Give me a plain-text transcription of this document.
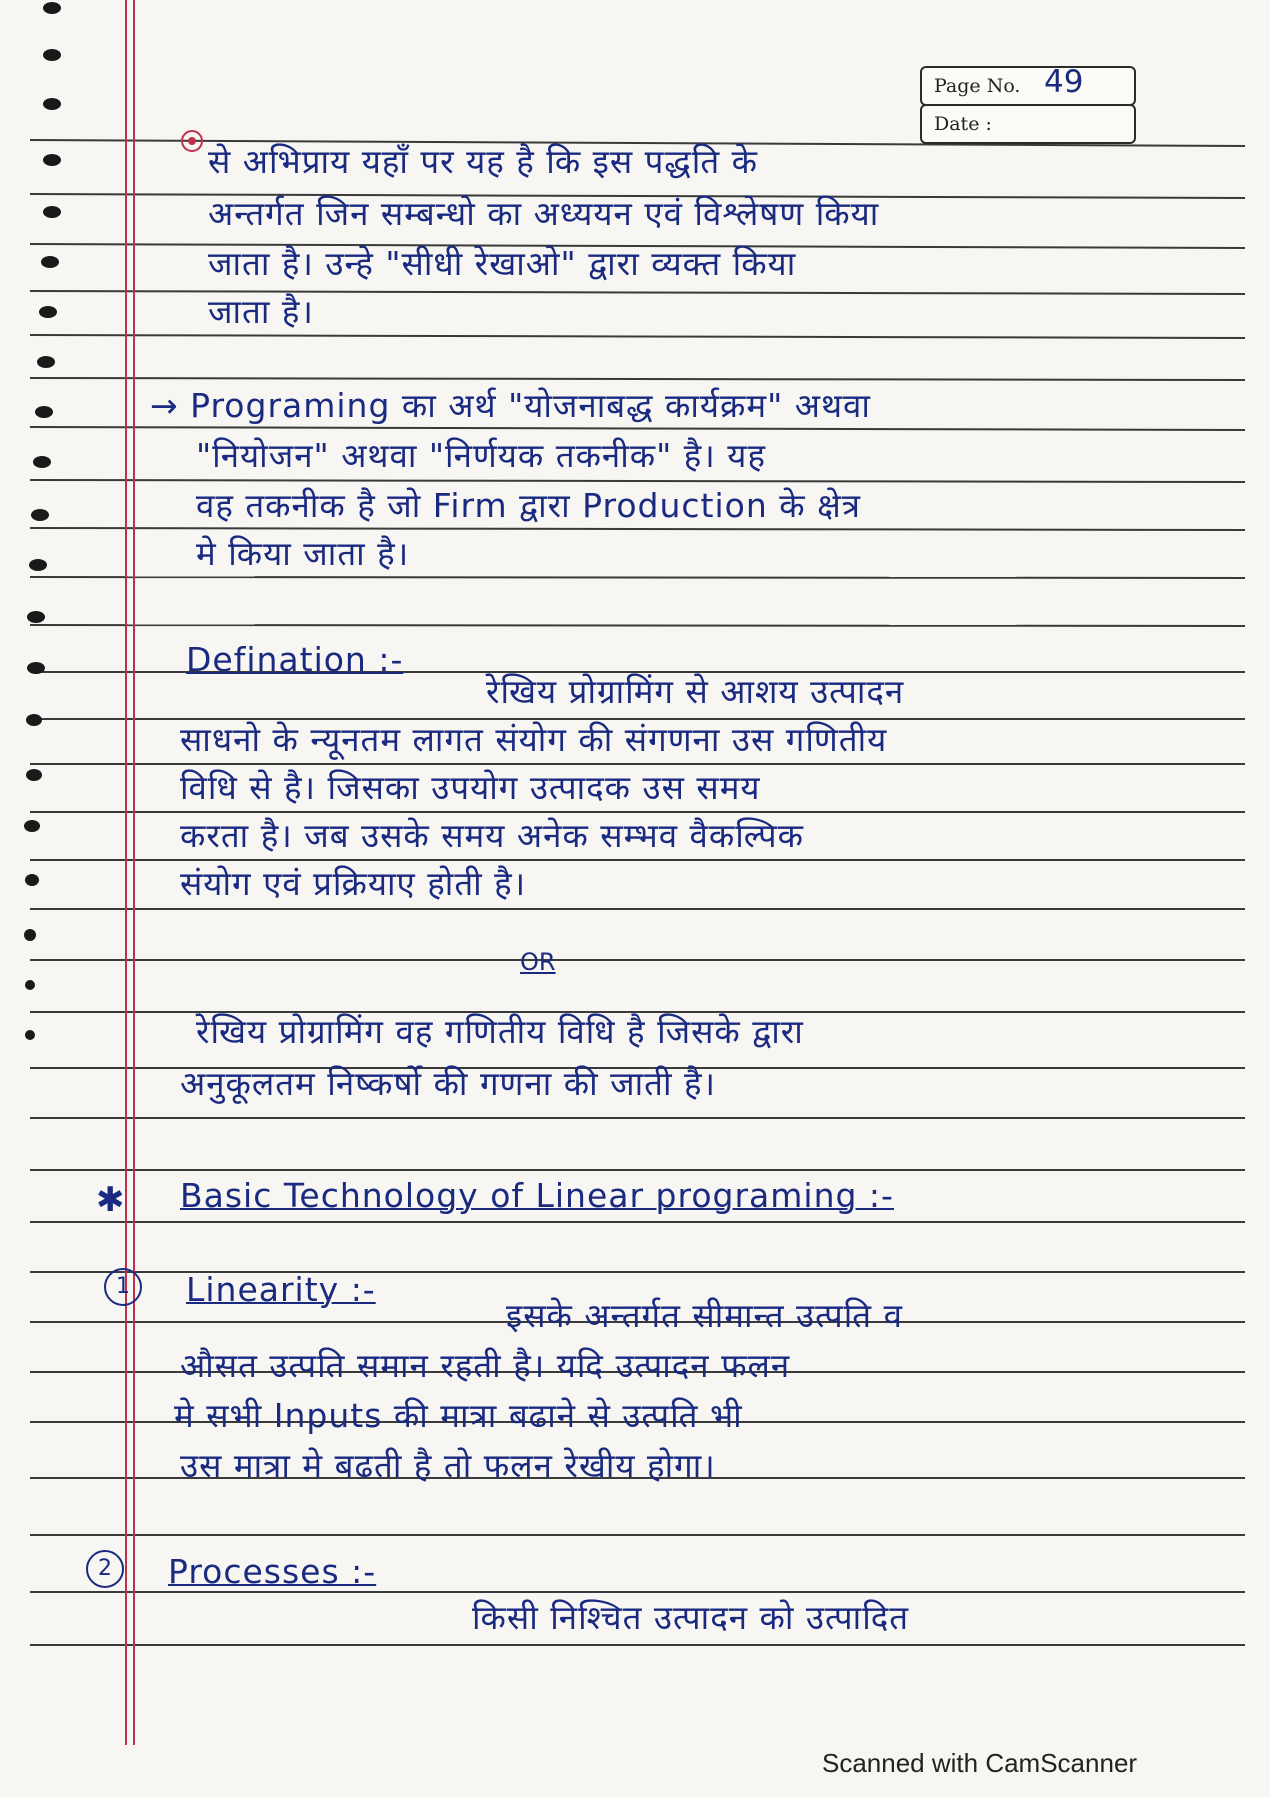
Page No. 49
Date :
से अभिप्राय यहाँ पर यह है कि इस पद्धति के
अन्तर्गत जिन सम्बन्धो का अध्ययन एवं विश्लेषण किया
जाता है। उन्हे "सीधी रेखाओ" द्वारा व्यक्त किया
जाता है।
→ Programing का अर्थ "योजनाबद्ध कार्यक्रम" अथवा
"नियोजन" अथवा "निर्णयक तकनीक" है। यह
वह तकनीक है जो Firm द्वारा Production के क्षेत्र
मे किया जाता है।
Defination :-
रेखिय प्रोग्रामिंग से आशय उत्पादन
साधनो के न्यूनतम लागत संयोग की संगणना उस गणितीय
विधि से है। जिसका उपयोग उत्पादक उस समय
करता है। जब उसके समय अनेक सम्भव वैकल्पिक
संयोग एवं प्रक्रियाए होती है।
OR
रेखिय प्रोग्रामिंग वह गणितीय विधि है जिसके द्वारा
अनुकूलतम निष्कर्षो की गणना की जाती है।
✱ Basic Technology of Linear programing :-
1	Linearity :-
इसके अन्तर्गत सीमान्त उत्पति व
औसत उत्पति समान रहती है। यदि उत्पादन फलन
मे सभी Inputs की मात्रा बढाने से उत्पति भी
उस मात्रा मे बढती है तो फलन रेखीय होगा।
2	Processes :-
किसी निश्चित उत्पादन को उत्पादित
Scanned with CamScanner
